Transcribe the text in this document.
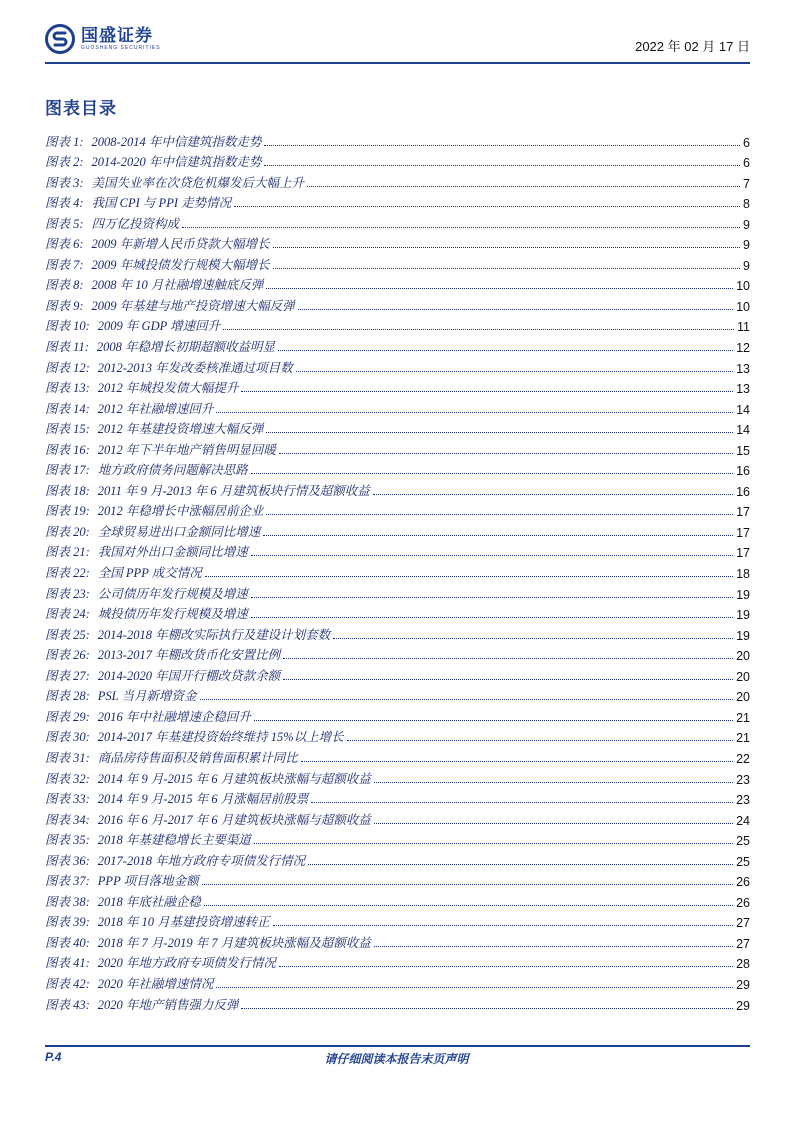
国盛证券
GUOSHENG SECURITIES	2022 年 02 月 17 日
图表目录
图表 1: 2008-2014 年中信建筑指数走势	6
图表 2: 2014-2020 年中信建筑指数走势	6
图表 3: 美国失业率在次贷危机爆发后大幅上升	7
图表 4: 我国 CPI 与 PPI 走势情况	8
图表 5: 四万亿投资构成	9
图表 6: 2009 年新增人民币贷款大幅增长	9
图表 7: 2009 年城投债发行规模大幅增长	9
图表 8: 2008 年 10 月社融增速触底反弹	10
图表 9: 2009 年基建与地产投资增速大幅反弹	10
图表 10: 2009 年 GDP 增速回升	11
图表 11: 2008 年稳增长初期超额收益明显	12
图表 12: 2012-2013 年发改委核准通过项目数	13
图表 13: 2012 年城投发债大幅提升	13
图表 14: 2012 年社融增速回升	14
图表 15: 2012 年基建投资增速大幅反弹	14
图表 16: 2012 年下半年地产销售明显回暖	15
图表 17: 地方政府债务问题解决思路	16
图表 18: 2011 年 9 月-2013 年 6 月建筑板块行情及超额收益	16
图表 19: 2012 年稳增长中涨幅居前企业	17
图表 20: 全球贸易进出口金额同比增速	17
图表 21: 我国对外出口金额同比增速	17
图表 22: 全国 PPP 成交情况	18
图表 23: 公司债历年发行规模及增速	19
图表 24: 城投债历年发行规模及增速	19
图表 25: 2014-2018 年棚改实际执行及建设计划套数	19
图表 26: 2013-2017 年棚改货币化安置比例	20
图表 27: 2014-2020 年国开行棚改贷款余额	20
图表 28: PSL 当月新增资金	20
图表 29: 2016 年中社融增速企稳回升	21
图表 30: 2014-2017 年基建投资始终维持 15%以上增长	21
图表 31: 商品房待售面积及销售面积累计同比	22
图表 32: 2014 年 9 月-2015 年 6 月建筑板块涨幅与超额收益	23
图表 33: 2014 年 9 月-2015 年 6 月涨幅居前股票	23
图表 34: 2016 年 6 月-2017 年 6 月建筑板块涨幅与超额收益	24
图表 35: 2018 年基建稳增长主要渠道	25
图表 36: 2017-2018 年地方政府专项债发行情况	25
图表 37: PPP 项目落地金额	26
图表 38: 2018 年底社融企稳	26
图表 39: 2018 年 10 月基建投资增速转正	27
图表 40: 2018 年 7 月-2019 年 7 月建筑板块涨幅及超额收益	27
图表 41: 2020 年地方政府专项债发行情况	28
图表 42: 2020 年社融增速情况	29
图表 43: 2020 年地产销售强力反弹	29
P.4	请仔细阅读本报告末页声明
